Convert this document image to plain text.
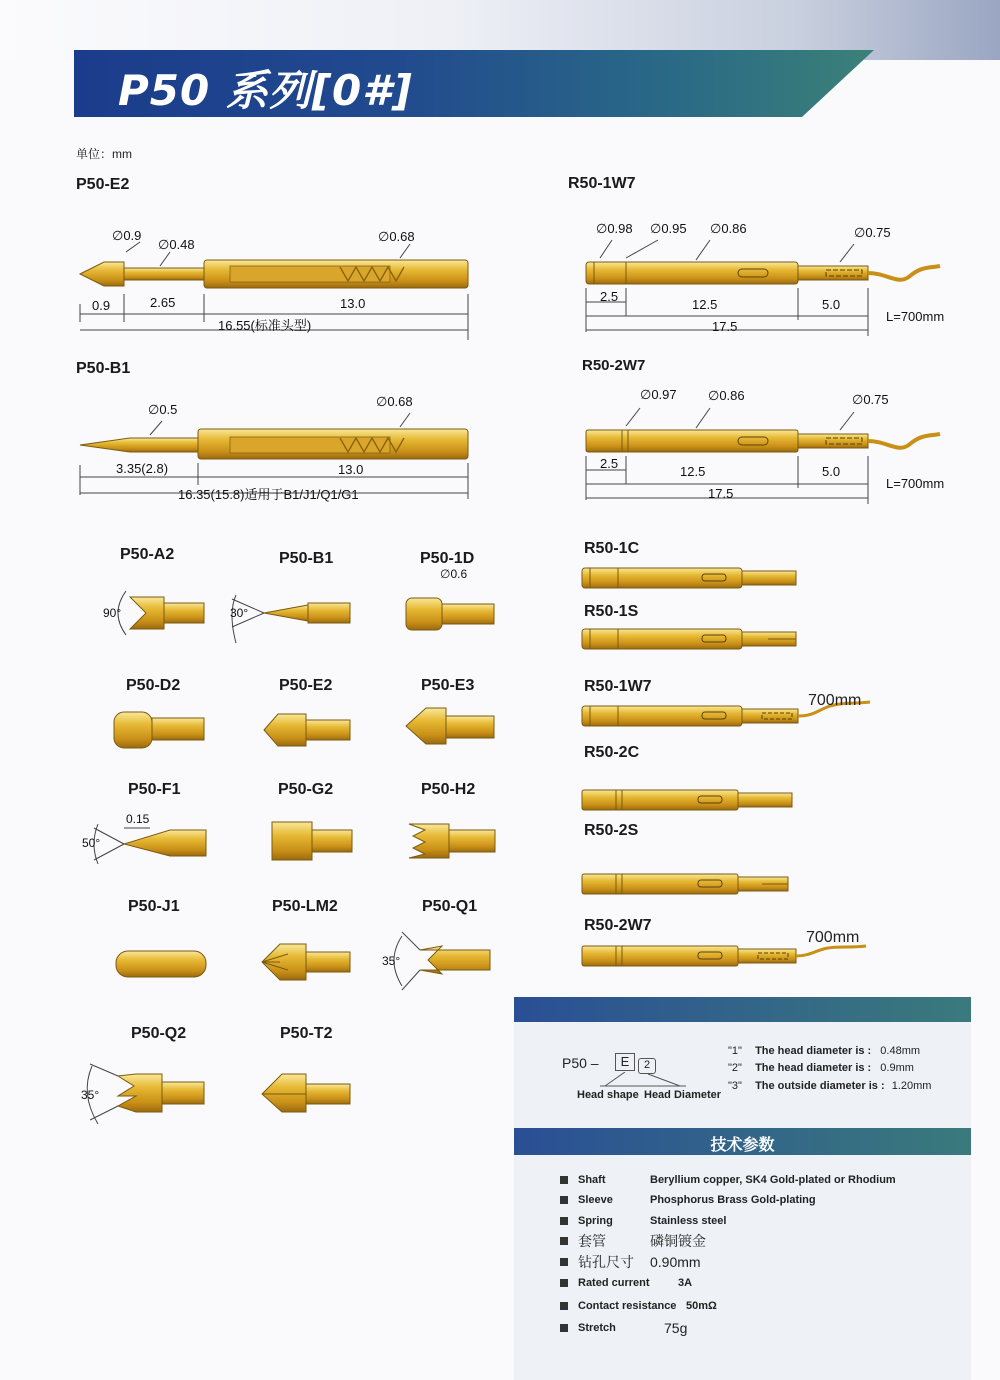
P50 系列[0#]
单位：mm
P50-E2
∅0.9
∅0.48
∅0.68
0.9	2.65	13.0
16.55(标准头型)
P50-B1
∅0.5
∅0.68
3.35(2.8)	13.0
16.35(15.8)适用于B1/J1/Q1/G1
R50-1W7
∅0.98 ∅0.95 ∅0.86	∅0.75
2.5
12.5	5.0
17.5
L=700mm
R50-2W7
∅0.97 ∅0.86	∅0.75
2.5
12.5	5.0
17.5
L=700mm
P50-A2
90°
P50-B1
30°
P50-1D
∅0.6
P50-D2	P50-E2	P50-E3
P50-F1
0.15
50°
P50-G2	P50-H2
P50-J1	P50-LM2	P50-Q1
35°
P50-Q2
35°
P50-T2
R50-1C
R50-1S
R50-1W7
700mm
R50-2C
R50-2S
R50-2W7
700mm
P50 –	E	2
Head shape Head Diameter
"1" The head diameter is : 0.48mm
"2" The head diameter is : 0.9mm
"3" The outside diameter is : 1.20mm
技术参数
Shaft	Beryllium copper, SK4 Gold-plated or Rhodium
Sleeve	Phosphorus Brass Gold-plating
Spring	Stainless steel
套管	磷铜镀金
钻孔尺寸	0.90mm
Rated current	3A
Contact resistance 50mΩ
Stretch	75g
